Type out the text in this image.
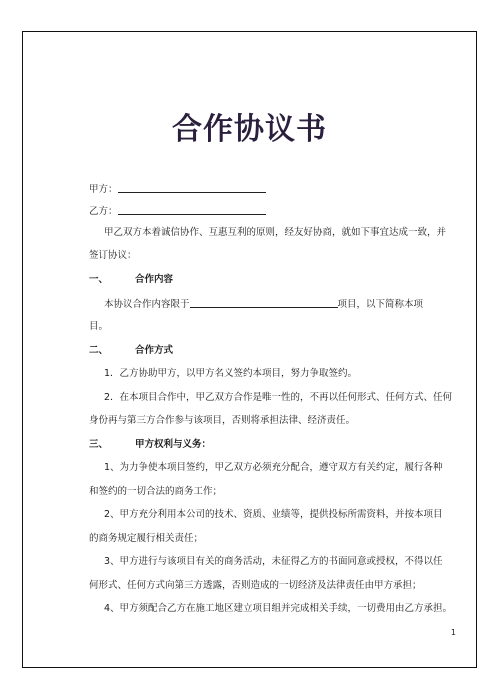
合作协议书
甲方：
乙方：
甲乙双方本着诚信协作、互惠互利的原则，经友好协商，就如下事宜达成一致，并
签订协议：
一、	合作内容
本协议合作内容限于	项目，以下简称本项
目。
二、	合作方式
1．乙方协助甲方，以甲方名义签约本项目，努力争取签约。
2．在本项目合作中，甲乙双方合作是唯一性的，不再以任何形式、任何方式、任何
身份再与第三方合作参与该项目，否则将承担法律、经济责任。
三、	甲方权利与义务：
1、为力争使本项目签约，甲乙双方必须充分配合，遵守双方有关约定，履行各种
和签约的一切合法的商务工作；
2、甲方充分利用本公司的技术、资质、业绩等，提供投标所需资料，并按本项目
的商务规定履行相关责任；
3、甲方进行与该项目有关的商务活动，未征得乙方的书面同意或授权，不得以任
何形式、任何方式向第三方透露，否则造成的一切经济及法律责任由甲方承担；
4、甲方须配合乙方在施工地区建立项目组并完成相关手续，一切费用由乙方承担。
1
